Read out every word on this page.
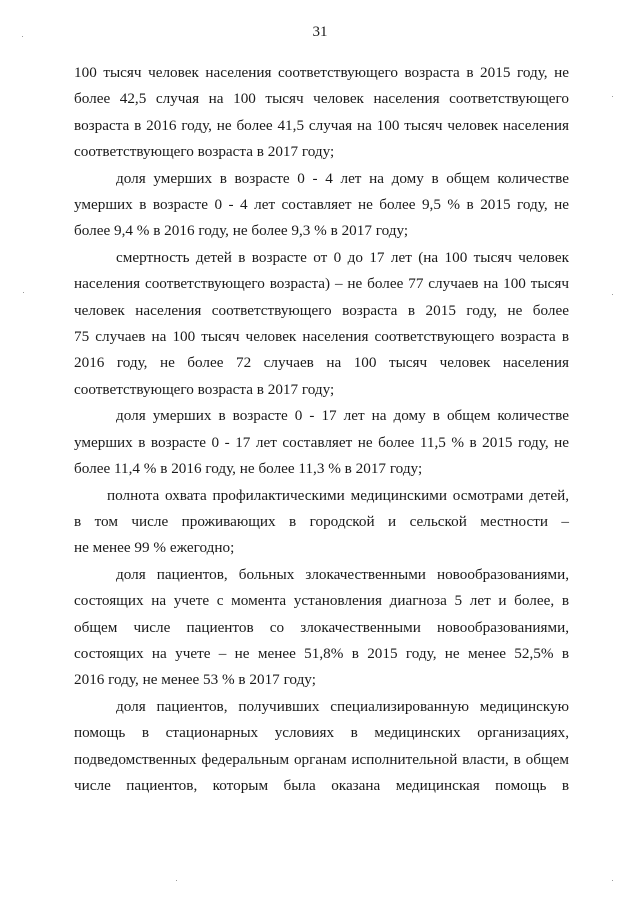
31

100 тысяч человек населения соответствующего возраста в 2015 году, не
более 42,5 случая на 100 тысяч человек населения соответствующего
возраста в 2016 году, не более 41,5 случая на 100 тысяч человек населения
соответствующего возраста в 2017 году;

доля умерших в возрасте 0 - 4 лет на дому в общем количестве
умерших в возрасте 0 - 4 лет составляет не более 9,5 % в 2015 году, не
более 9,4 % в 2016 году, не более 9,3 % в 2017 году;

смертность детей в возрасте от 0 до 17 лет (на 100 тысяч человек
населения соответствующего возраста) – не более 77 случаев на 100 тысяч
человек населения соответствующего возраста в 2015 году, не более
75 случаев на 100 тысяч человек населения соответствующего возраста в
2016 году, не более 72 случаев на 100 тысяч человек населения
соответствующего возраста в 2017 году;

доля умерших в возрасте 0 - 17 лет на дому в общем количестве
умерших в возрасте 0 - 17 лет составляет не более 11,5 % в 2015 году, не
более 11,4 % в 2016 году, не более 11,3 % в 2017 году;

полнота охвата профилактическими медицинскими осмотрами детей,
в том числе проживающих в городской и сельской местности –
не менее 99 % ежегодно;

доля пациентов, больных злокачественными новообразованиями,
состоящих на учете с момента установления диагноза 5 лет и более, в
общем числе пациентов со злокачественными новообразованиями,
состоящих на учете – не менее 51,8% в 2015 году, не менее 52,5% в
2016 году, не менее 53 % в 2017 году;

доля пациентов, получивших специализированную медицинскую
помощь в стационарных условиях в медицинских организациях,
подведомственных федеральным органам исполнительной власти, в общем
числе пациентов, которым была оказана медицинская помощь в
